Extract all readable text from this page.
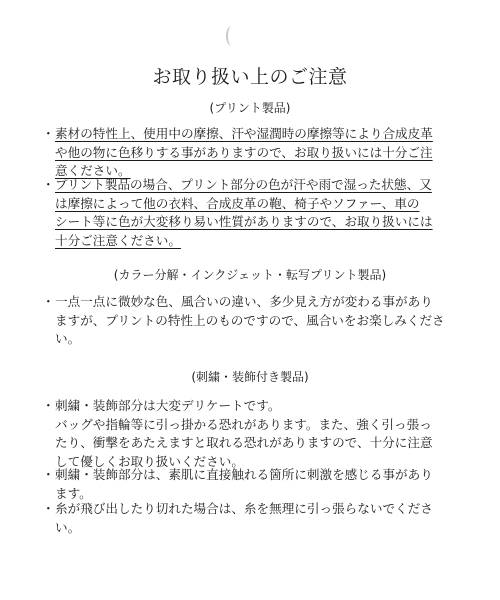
お取り扱い上のご注意
(プリント製品)
・ 素材の特性上、使用中の摩擦、汗や湿潤時の摩擦等により合成皮革
や他の物に色移りする事がありますので、お取り扱いには十分ご注
意ください。
・ プリント製品の場合、プリント部分の色が汗や雨で湿った状態、又
は摩擦によって他の衣料、合成皮革の鞄、椅子やソファー、車の
シート等に色が大変移り易い性質がありますので、お取り扱いには
十分ご注意ください。
(カラー分解・インクジェット・転写プリント製品)
・ 一点一点に微妙な色、風合いの違い、多少見え方が変わる事があり
ますが、プリントの特性上のものですので、風合いをお楽しみくださ
い。
(刺繍・装飾付き製品)
・ 刺繍・装飾部分は大変デリケートです。
バッグや指輪等に引っ掛かる恐れがあります。また、強く引っ張っ
たり、衝撃をあたえますと取れる恐れがありますので、十分に注意
して優しくお取り扱いください。
・ 刺繍・装飾部分は、素肌に直接触れる箇所に刺激を感じる事があり
ます。
・ 糸が飛び出したり切れた場合は、糸を無理に引っ張らないでくださ
い。
